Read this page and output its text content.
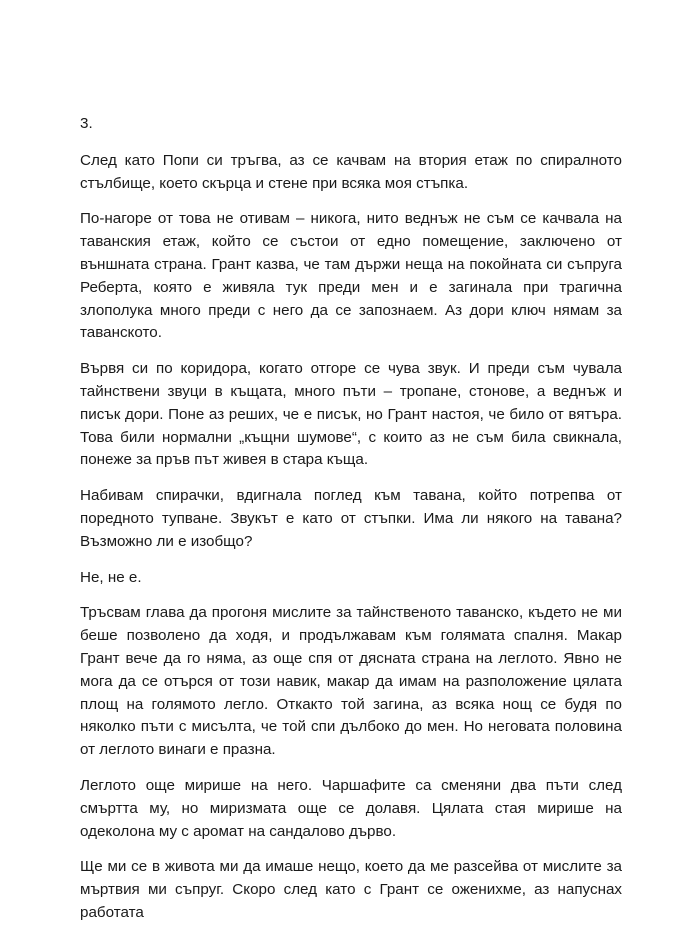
3.

След като Попи си тръгва, аз се качвам на втория етаж по спиралното стълбище, което скърца и стене при всяка моя стъпка.

По-нагоре от това не отивам – никога, нито веднъж не съм се качвала на таванския етаж, който се състои от едно помещение, заключено от външната страна. Грант казва, че там държи неща на покойната си съпруга Реберта, която е живяла тук преди мен и е загинала при трагична злополука много преди с него да се запознаем. Аз дори ключ нямам за таванското.

Вървя си по коридора, когато отгоре се чува звук. И преди съм чувала тайнствени звуци в къщата, много пъти – тропане, стонове, а веднъж и писък дори. Поне аз реших, че е писък, но Грант настоя, че било от вятъра. Това били нормални „къщни шумове“, с които аз не съм била свикнала, понеже за пръв път живея в стара къща.

Набивам спирачки, вдигнала поглед към тавана, който потрепва от поредното тупване. Звукът е като от стъпки. Има ли някого на тавана? Възможно ли е изобщо?

Не, не е.

Тръсвам глава да прогоня мислите за тайнственото таванско, където не ми беше позволено да ходя, и продължавам към голямата спалня. Макар Грант вече да го няма, аз още спя от дясната страна на леглото. Явно не мога да се отърся от този навик, макар да имам на разположение цялата площ на голямото легло. Откакто той загина, аз всяка нощ се будя по няколко пъти с мисълта, че той спи дълбоко до мен. Но неговата половина от леглото винаги е празна.

Леглото още мирише на него. Чаршафите са сменяни два пъти след смъртта му, но миризмата още се долавя. Цялата стая мирише на одеколона му с аромат на сандалово дърво.

Ще ми се в живота ми да имаше нещо, което да ме разсейва от мислите за мъртвия ми съпруг. Скоро след като с Грант се оженихме, аз напуснах работата
